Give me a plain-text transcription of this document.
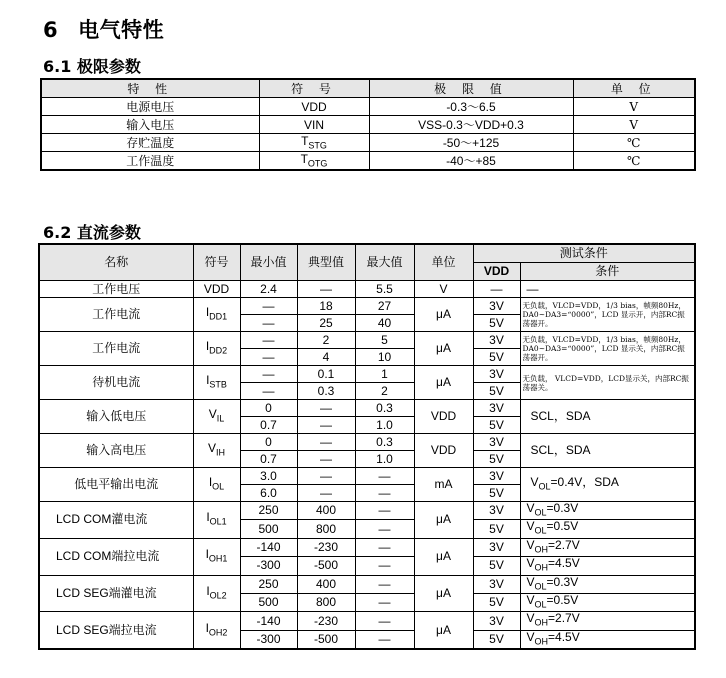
6 电气特性
6.1 极限参数
特 性	符 号	极 限 值	单 位
电源电压	VDD	-0.3～6.5	V
输入电压	VIN	VSS-0.3～VDD+0.3	V
存贮温度	$T_{STG}$	-50～+125	℃
工作温度	$T_{OTG}$	-40～+85	℃
6.2 直流参数
名称	符号	最小值	典型值	最大值	单位	测试条件	
						VDD	条件
工作电压	VDD	2.4	—	5.5	V	—	—
工作电流	$I_{DD1}$	—	18	27	μA	3V	无负载，VLCD=VDD，1/3 bias，帧频80Hz，DA0~DA3=“0000”，LCD 显示开，内部RC振荡器开。
		—	25	40		5V	
工作电流	$I_{DD2}$	—	2	5	μA	3V	无负载，VLCD=VDD，1/3 bias，帧频80Hz，DA0~DA3=“0000”，LCD 显示关，内部RC振荡器开。
		—	4	10		5V	
待机电流	$I_{STB}$	—	0.1	1	μA	3V	无负载， VLCD=VDD，LCD显示关，内部RC振荡器关。
		—	0.3	2		5V	
输入低电压	$V_{IL}$	0	—	0.3	VDD	3V	SCL，SDA
		0.7	—	1.0		5V	
输入高电压	$V_{IH}$	0	—	0.3	VDD	3V	SCL，SDA
		0.7	—	1.0		5V	
低电平输出电流	$I_{OL}$	3.0	—	—	mA	3V	$V_{OL}=0.4V$，SDA
		6.0	—	—		5V	
LCD COM灌电流	$I_{OL1}$	250	400	—	μA	3V	$V_{OL}=0.3V$
		500	800	—		5V	$V_{OL}=0.5V$
LCD COM端拉电流	$I_{OH1}$	-140	-230	—	μA	3V	$V_{OH}=2.7V$
		-300	-500	—		5V	$V_{OH}=4.5V$
LCD SEG端灌电流	$I_{OL2}$	250	400	—	μA	3V	$V_{OL}=0.3V$
		500	800	—		5V	$V_{OL}=0.5V$
LCD SEG端拉电流	$I_{OH2}$	-140	-230	—	μA	3V	$V_{OH}=2.7V$
		-300	-500	—		5V	$V_{OH}=4.5V$
